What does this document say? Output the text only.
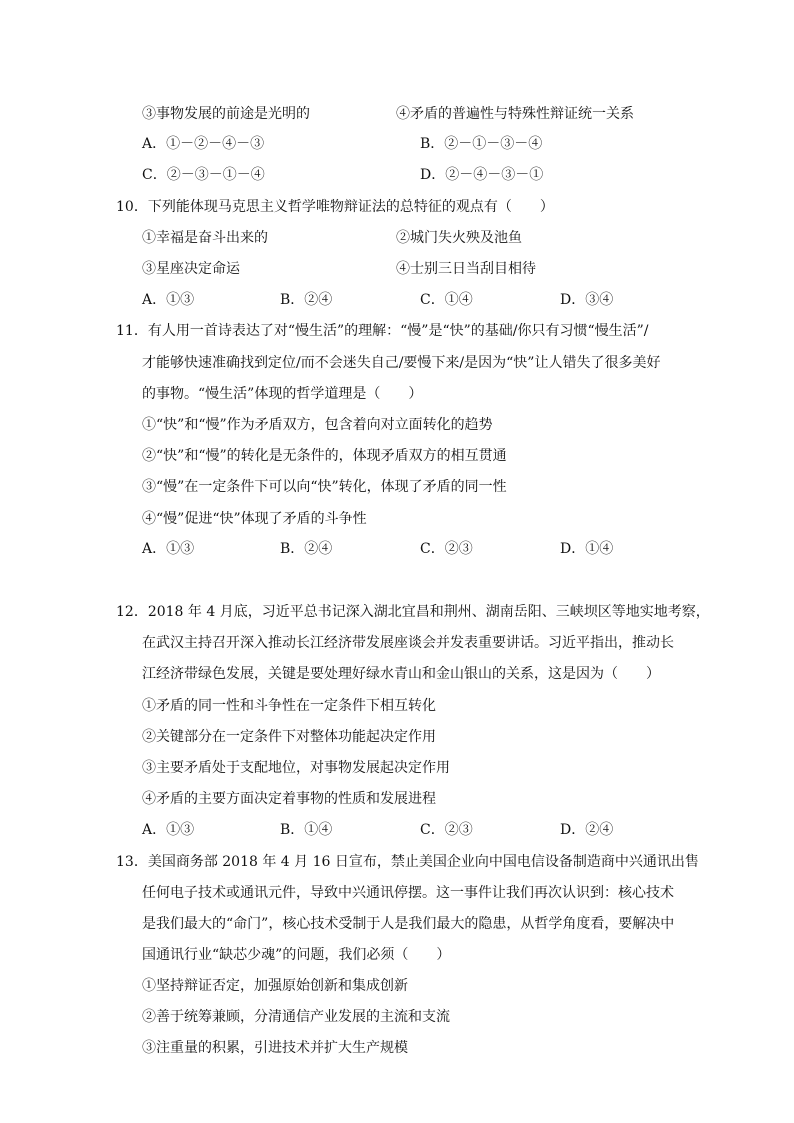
③事物发展的前途是光明的	④矛盾的普遍性与特殊性辩证统一关系
A．①－②－④－③	B．②－①－③－④
C．②－③－①－④	D．②－④－③－①
10．下列能体现马克思主义哲学唯物辩证法的总特征的观点有（　　）
①幸福是奋斗出来的	②城门失火殃及池鱼
③星座决定命运	④士别三日当刮目相待
A．①③	B．②④	C．①④	D．③④
11．有人用一首诗表达了对“慢生活”的理解：“慢”是“快”的基础/你只有习惯“慢生活”/
才能够快速准确找到定位/而不会迷失自己/要慢下来/是因为“快”让人错失了很多美好
的事物。“慢生活”体现的哲学道理是（　　）
①“快”和“慢”作为矛盾双方，包含着向对立面转化的趋势
②“快”和“慢”的转化是无条件的，体现矛盾双方的相互贯通
③“慢”在一定条件下可以向“快”转化，体现了矛盾的同一性
④“慢”促进“快”体现了矛盾的斗争性
A．①③	B．②④	C．②③	D．①④
12．2018 年 4 月底，习近平总书记深入湖北宜昌和荆州、湖南岳阳、三峡坝区等地实地考察，
在武汉主持召开深入推动长江经济带发展座谈会并发表重要讲话。习近平指出，推动长
江经济带绿色发展，关键是要处理好绿水青山和金山银山的关系，这是因为（　　）
①矛盾的同一性和斗争性在一定条件下相互转化
②关键部分在一定条件下对整体功能起决定作用
③主要矛盾处于支配地位，对事物发展起决定作用
④矛盾的主要方面决定着事物的性质和发展进程
A．①③	B．①④	C．②③	D．②④
13．美国商务部 2018 年 4 月 16 日宣布，禁止美国企业向中国电信设备制造商中兴通讯出售
任何电子技术或通讯元件，导致中兴通讯停摆。这一事件让我们再次认识到：核心技术
是我们最大的“命门”，核心技术受制于人是我们最大的隐患，从哲学角度看，要解决中
国通讯行业“缺芯少魂”的问题，我们必须（　　）
①坚持辩证否定，加强原始创新和集成创新
②善于统筹兼顾，分清通信产业发展的主流和支流
③注重量的积累，引进技术并扩大生产规模
